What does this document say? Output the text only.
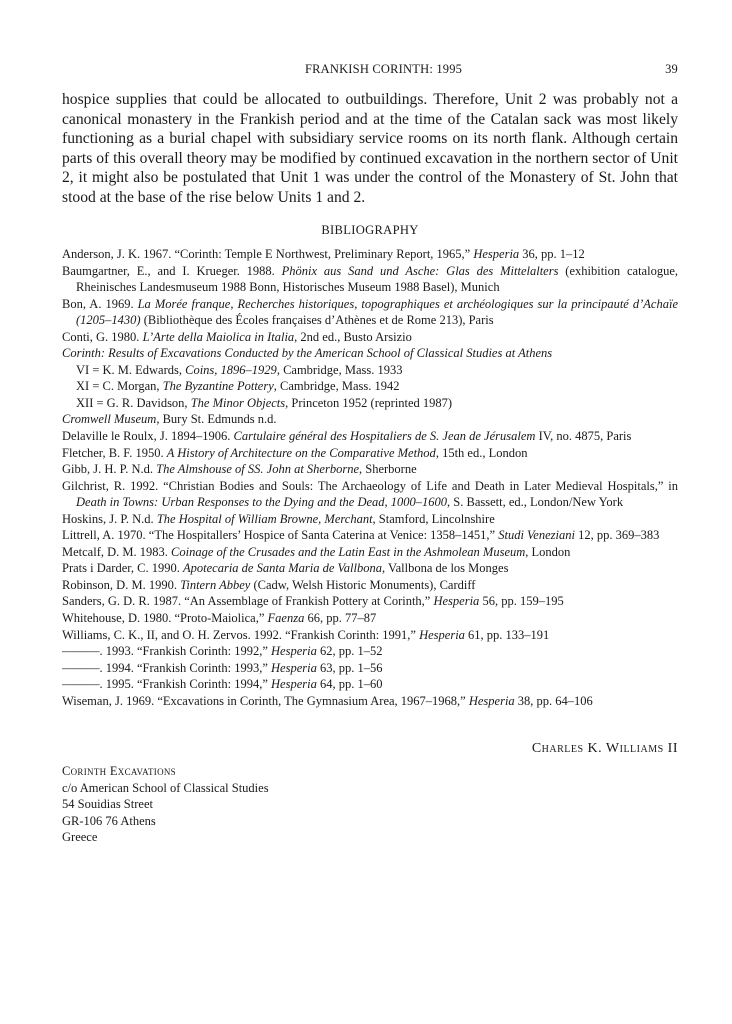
FRANKISH CORINTH: 1995	39

hospice supplies that could be allocated to outbuildings. Therefore, Unit 2 was probably not a canonical monastery in the Frankish period and at the time of the Catalan sack was most likely functioning as a burial chapel with subsidiary service rooms on its north flank. Although certain parts of this overall theory may be modified by continued excavation in the northern sector of Unit 2, it might also be postulated that Unit 1 was under the control of the Monastery of St. John that stood at the base of the rise below Units 1 and 2.

BIBLIOGRAPHY
Anderson, J. K. 1967. “Corinth: Temple E Northwest, Preliminary Report, 1965,” Hesperia 36, pp. 1–12
Baumgartner, E., and I. Krueger. 1988. Phönix aus Sand und Asche: Glas des Mittelalters (exhibition catalogue, Rheinisches Landesmuseum 1988 Bonn, Historisches Museum 1988 Basel), Munich
Bon, A. 1969. La Morée franque, Recherches historiques, topographiques et archéologiques sur la principauté d’Achaïe (1205–1430) (Bibliothèque des Écoles françaises d’Athènes et de Rome 213), Paris
Conti, G. 1980. L’Arte della Maiolica in Italia, 2nd ed., Busto Arsizio
Corinth: Results of Excavations Conducted by the American School of Classical Studies at Athens
VI = K. M. Edwards, Coins, 1896–1929, Cambridge, Mass. 1933
XI = C. Morgan, The Byzantine Pottery, Cambridge, Mass. 1942
XII = G. R. Davidson, The Minor Objects, Princeton 1952 (reprinted 1987)
Cromwell Museum, Bury St. Edmunds n.d.
Delaville le Roulx, J. 1894–1906. Cartulaire général des Hospitaliers de S. Jean de Jérusalem IV, no. 4875, Paris
Fletcher, B. F. 1950. A History of Architecture on the Comparative Method, 15th ed., London
Gibb, J. H. P. N.d. The Almshouse of SS. John at Sherborne, Sherborne
Gilchrist, R. 1992. “Christian Bodies and Souls: The Archaeology of Life and Death in Later Medieval Hospitals,” in Death in Towns: Urban Responses to the Dying and the Dead, 1000–1600, S. Bassett, ed., London/New York
Hoskins, J. P. N.d. The Hospital of William Browne, Merchant, Stamford, Lincolnshire
Littrell, A. 1970. “The Hospitallers’ Hospice of Santa Caterina at Venice: 1358–1451,” Studi Veneziani 12, pp. 369–383
Metcalf, D. M. 1983. Coinage of the Crusades and the Latin East in the Ashmolean Museum, London
Prats i Darder, C. 1990. Apotecaria de Santa Maria de Vallbona, Vallbona de los Monges
Robinson, D. M. 1990. Tintern Abbey (Cadw, Welsh Historic Monuments), Cardiff
Sanders, G. D. R. 1987. “An Assemblage of Frankish Pottery at Corinth,” Hesperia 56, pp. 159–195
Whitehouse, D. 1980. “Proto-Maiolica,” Faenza 66, pp. 77–87
Williams, C. K., II, and O. H. Zervos. 1992. “Frankish Corinth: 1991,” Hesperia 61, pp. 133–191
———. 1993. “Frankish Corinth: 1992,” Hesperia 62, pp. 1–52
———. 1994. “Frankish Corinth: 1993,” Hesperia 63, pp. 1–56
———. 1995. “Frankish Corinth: 1994,” Hesperia 64, pp. 1–60
Wiseman, J. 1969. “Excavations in Corinth, The Gymnasium Area, 1967–1968,” Hesperia 38, pp. 64–106
Charles K. Williams II
Corinth Excavations
c/o American School of Classical Studies
54 Souidias Street
GR-106 76 Athens
Greece
